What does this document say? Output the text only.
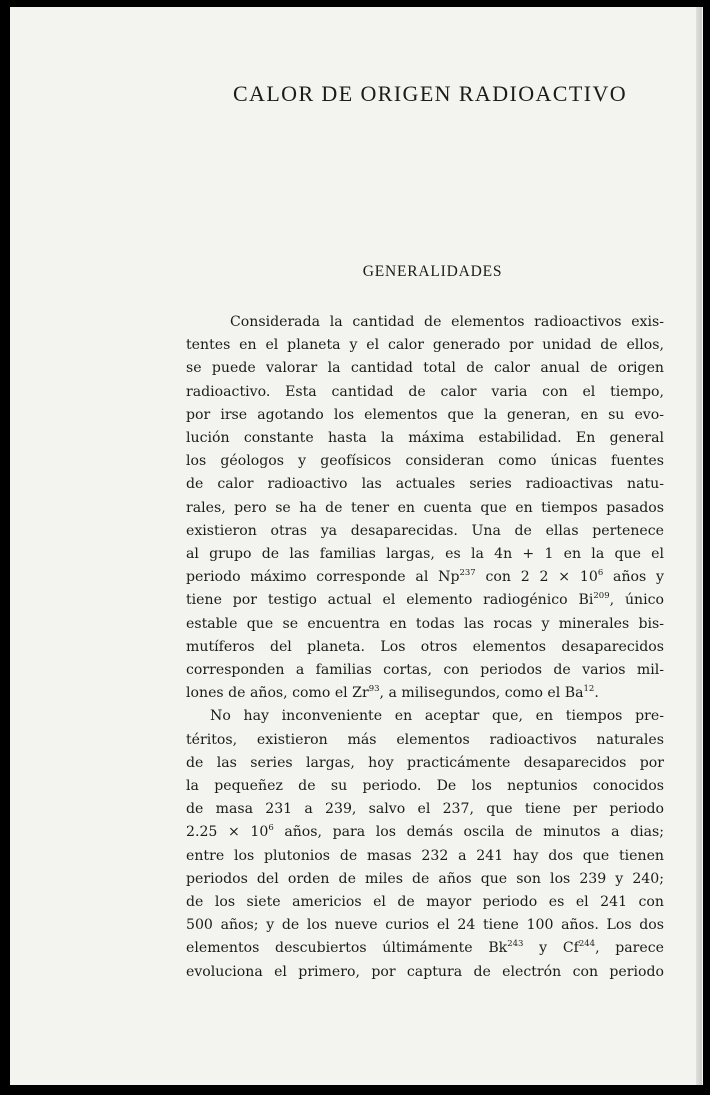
CALOR DE ORIGEN RADIOACTIVO
GENERALIDADES
Considerada la cantidad de elementos radioactivos exis-
tentes en el planeta y el calor generado por unidad de ellos,
se puede valorar la cantidad total de calor anual de origen
radioactivo. Esta cantidad de calor varia con el tiempo,
por irse agotando los elementos que la generan, en su evo-
lución constante hasta la máxima estabilidad. En general
los géologos y geofísicos consideran como únicas fuentes
de calor radioactivo las actuales series radioactivas natu-
rales, pero se ha de tener en cuenta que en tiempos pasados
existieron otras ya desaparecidas. Una de ellas pertenece
al grupo de las familias largas, es la 4n + 1 en la que el
periodo máximo corresponde al Np$^{237}$ con 2 $2 \times 10^6$ años y
tiene por testigo actual el elemento radiogénico Bi$^{209}$, único
estable que se encuentra en todas las rocas y minerales bis-
mutíferos del planeta. Los otros elementos desaparecidos
corresponden a familias cortas, con periodos de varios mil-
lones de años, como el Zr$^{93}$, a milisegundos, como el Ba$^{12}$.
No hay inconveniente en aceptar que, en tiempos pre-
téritos, existieron más elementos radioactivos naturales
de las series largas, hoy practicámente desaparecidos por
la pequeñez de su periodo. De los neptunios conocidos
de masa 231 a 239, salvo el 237, que tiene per periodo
$2.25 \times 10^6$ años, para los demás oscila de minutos a dias;
entre los plutonios de masas 232 a 241 hay dos que tienen
periodos del orden de miles de años que son los 239 y 240;
de los siete americios el de mayor periodo es el 241 con
500 años; y de los nueve curios el 24 tiene 100 años. Los dos
elementos descubiertos últimámente Bk$^{243}$ y Cf$^{244}$, parece
evoluciona el primero, por captura de electrón con periodo
